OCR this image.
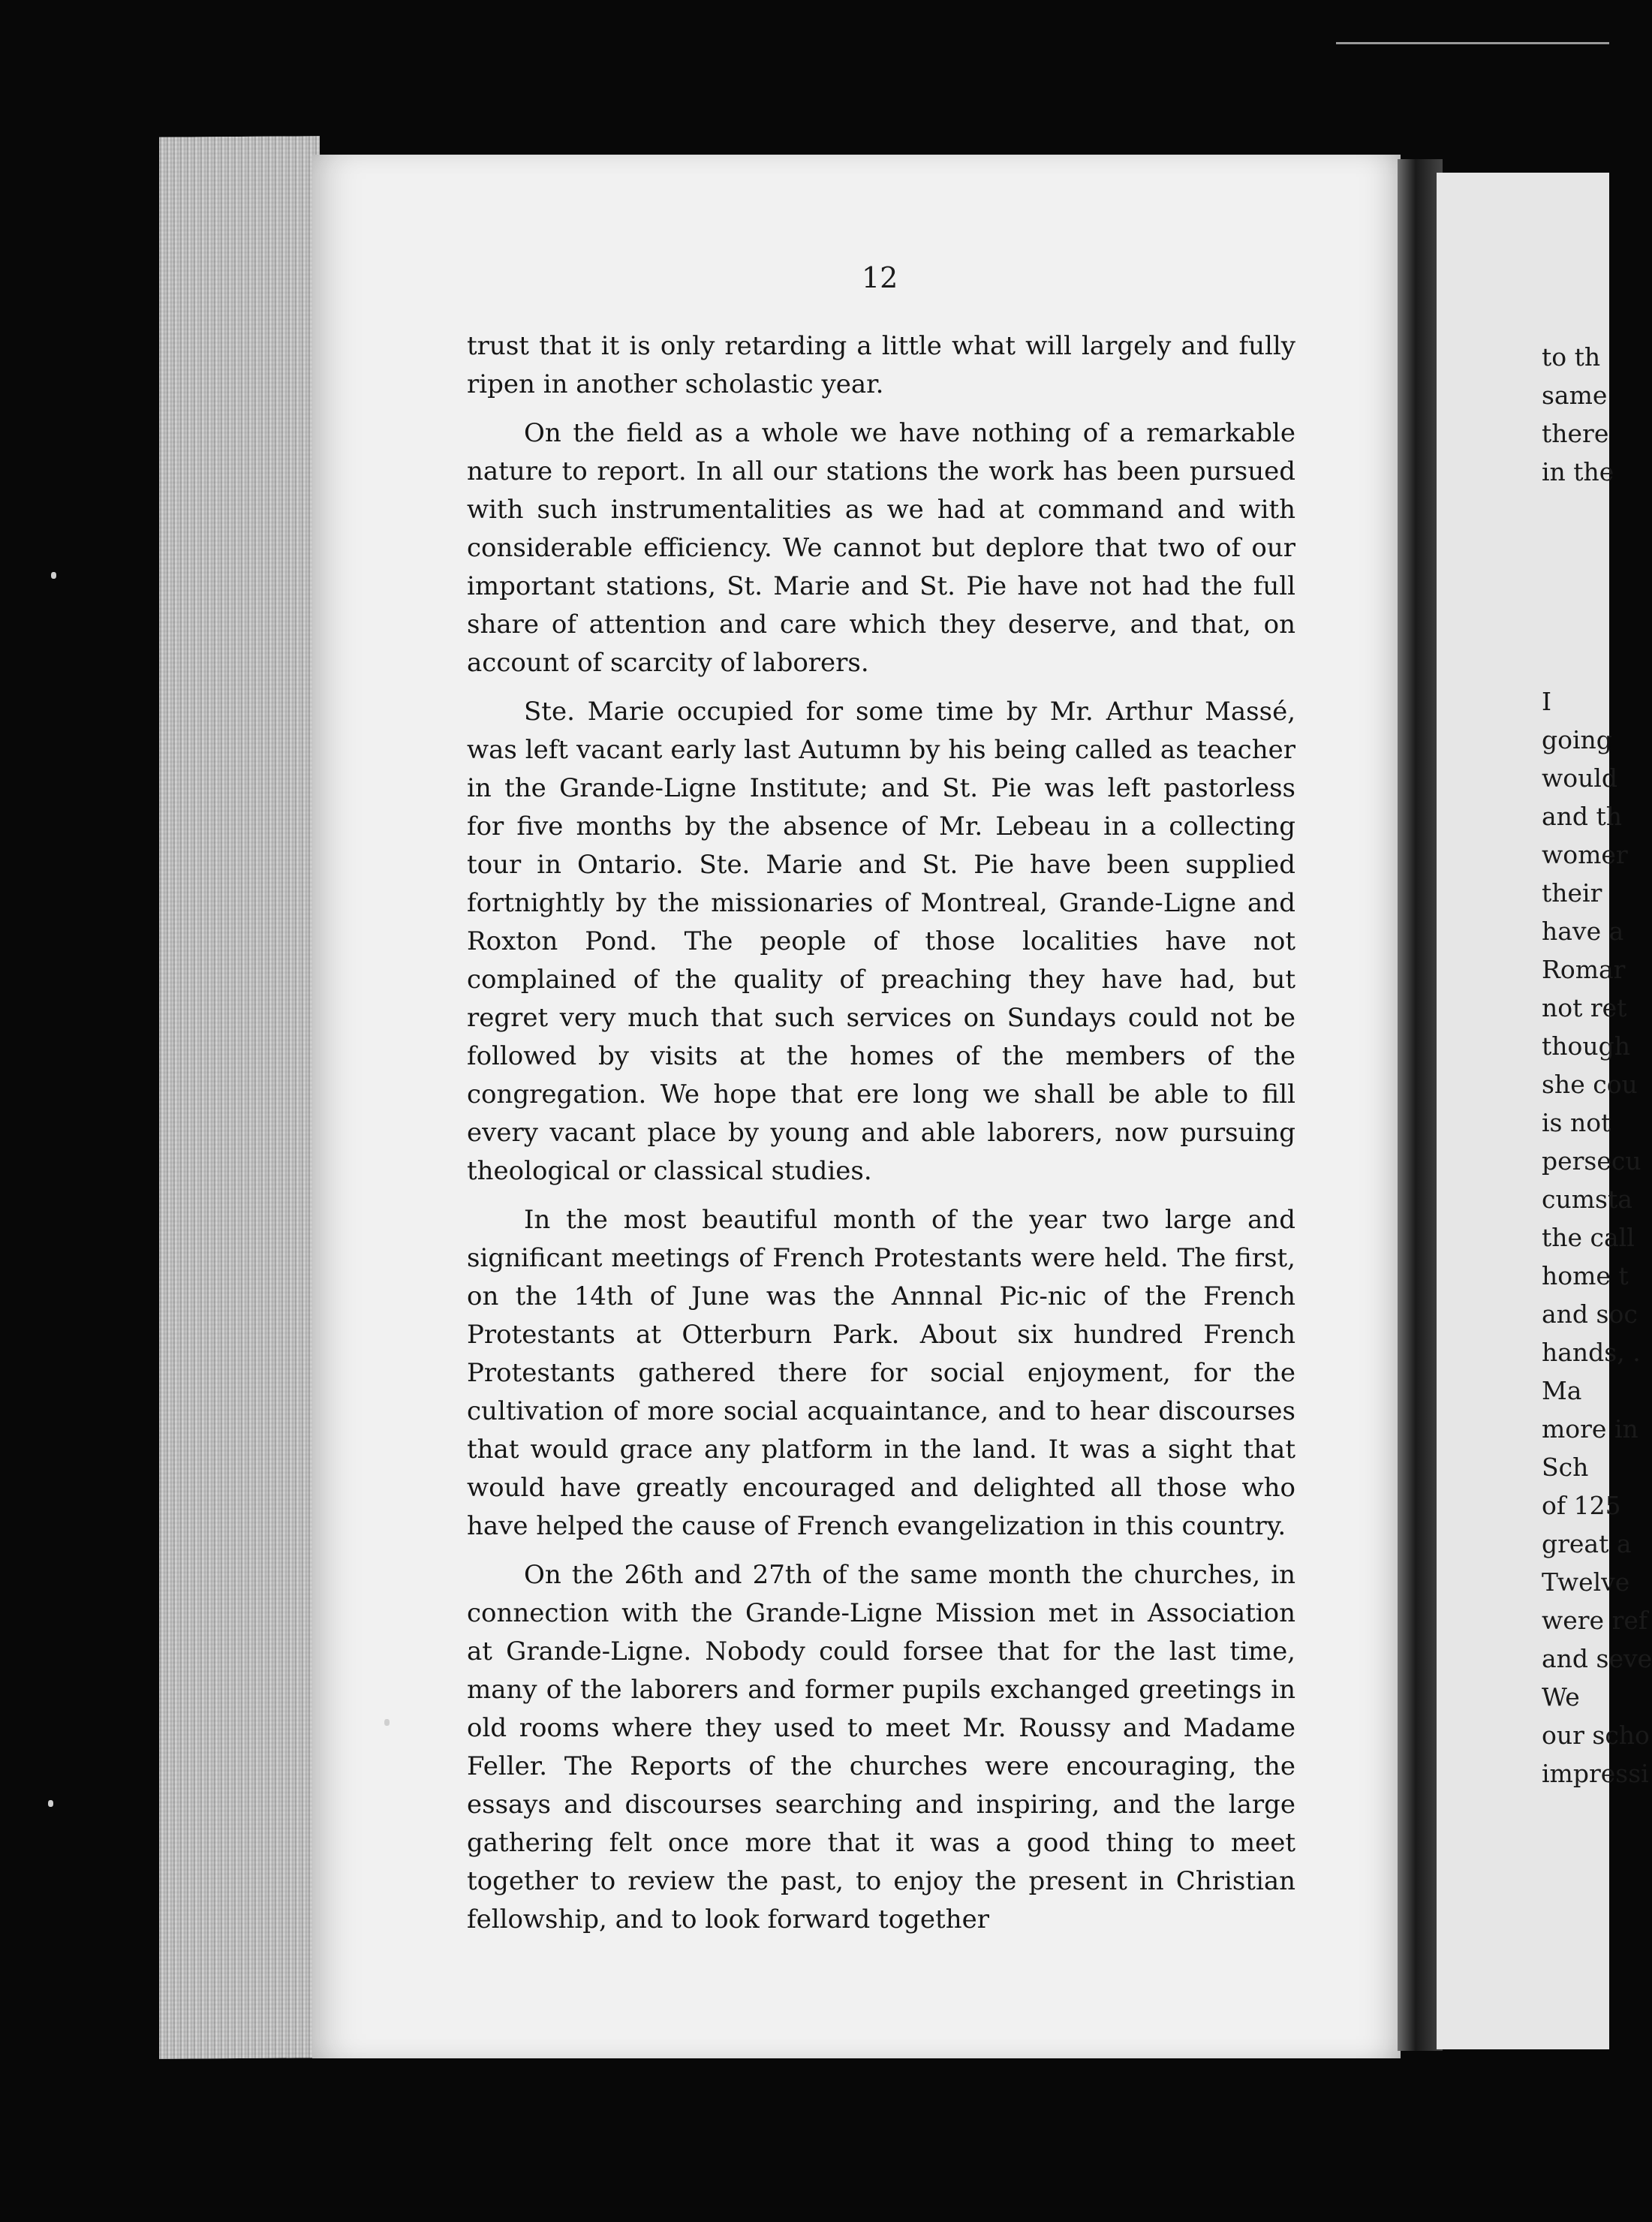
12

trust that it is only retarding a little what will largely and fully ripen in another scholastic year.

On the field as a whole we have nothing of a remarkable nature to report. In all our stations the work has been pursued with such instrumentalities as we had at command and with considerable efficiency. We cannot but deplore that two of our important stations, St. Marie and St. Pie have not had the full share of attention and care which they deserve, and that, on account of scarcity of laborers.

Ste. Marie occupied for some time by Mr. Arthur Massé, was left vacant early last Autumn by his being called as teacher in the Grande-Ligne Institute; and St. Pie was left pastorless for five months by the absence of Mr. Lebeau in a collecting tour in Ontario. Ste. Marie and St. Pie have been supplied fortnightly by the missionaries of Montreal, Grande-Ligne and Roxton Pond. The people of those localities have not complained of the quality of preaching they have had, but regret very much that such services on Sundays could not be followed by visits at the homes of the members of the congregation. We hope that ere long we shall be able to fill every vacant place by young and able laborers, now pursuing theological or classical studies.

In the most beautiful month of the year two large and significant meetings of French Protestants were held. The first, on the 14th of June was the Annnal Pic-nic of the French Protestants at Otterburn Park. About six hundred French Protestants gathered there for social enjoyment, for the cultivation of more social acquaintance, and to hear discourses that would grace any platform in the land. It was a sight that would have greatly encouraged and delighted all those who have helped the cause of French evangelization in this country.

On the 26th and 27th of the same month the churches, in connection with the Grande-Ligne Mission met in Association at Grande-Ligne. Nobody could forsee that for the last time, many of the laborers and former pupils exchanged greetings in old rooms where they used to meet Mr. Roussy and Madame Feller. The Reports of the churches were encouraging, the essays and discourses searching and inspiring, and the large gathering felt once more that it was a good thing to meet together to review the past, to enjoy the present in Christian fellowship, and to look forward together

to th
same
there
in the
I
going
would
and th
womer
their
have a
Romar
not ret
though
she cou
is not
persecu
cumsta
the call
home t
and soc
hands, .
Ma
more in
Sch
of 125
great a
Twelve
were ref
and seve
We
our scho
impressi
